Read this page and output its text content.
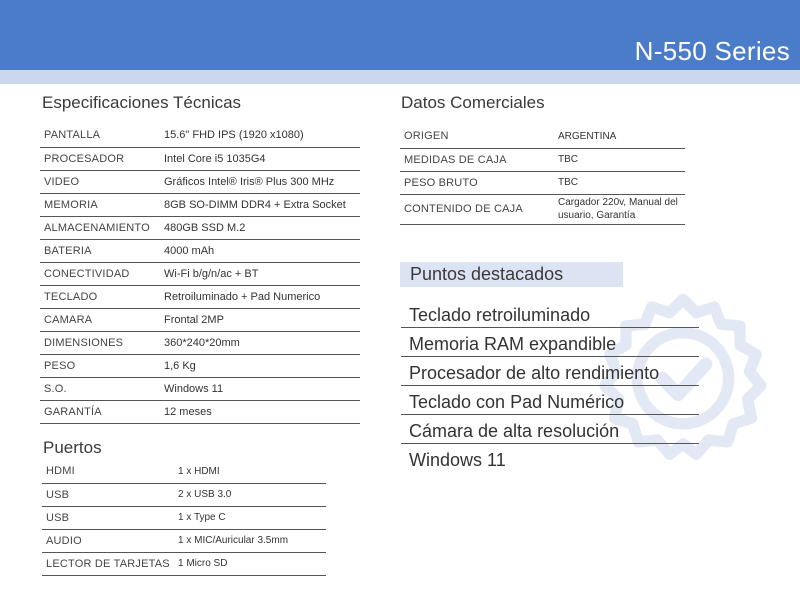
N-550 Series
Especificaciones Técnicas
PANTALLA	15.6" FHD IPS (1920 x1080)
PROCESADOR	Intel Core i5 1035G4
VIDEO	Gráficos Intel® Iris® Plus 300 MHz
MEMORIA	8GB SO-DIMM DDR4 + Extra Socket
ALMACENAMIENTO	480GB SSD M.2
BATERIA	4000 mAh
CONECTIVIDAD	Wi-Fi b/g/n/ac + BT
TECLADO	Retroiluminado + Pad Numerico
CAMARA	Frontal 2MP
DIMENSIONES	360*240*20mm
PESO	1,6 Kg
S.O.	Windows 11
GARANTÍA	12 meses
Puertos
HDMI	1 x HDMI
USB	2 x USB 3.0
USB	1 x Type C
AUDIO	1 x MIC/Auricular 3.5mm
LECTOR DE TARJETAS	1 Micro SD
Datos Comerciales
ORIGEN	ARGENTINA
MEDIDAS DE CAJA	TBC
PESO BRUTO	TBC
CONTENIDO DE CAJA	Cargador 220v, Manual del usuario, Garantía
Puntos destacados
Teclado retroiluminado
Memoria RAM expandible
Procesador de alto rendimiento
Teclado con Pad Numérico
Cámara de alta resolución
Windows 11
